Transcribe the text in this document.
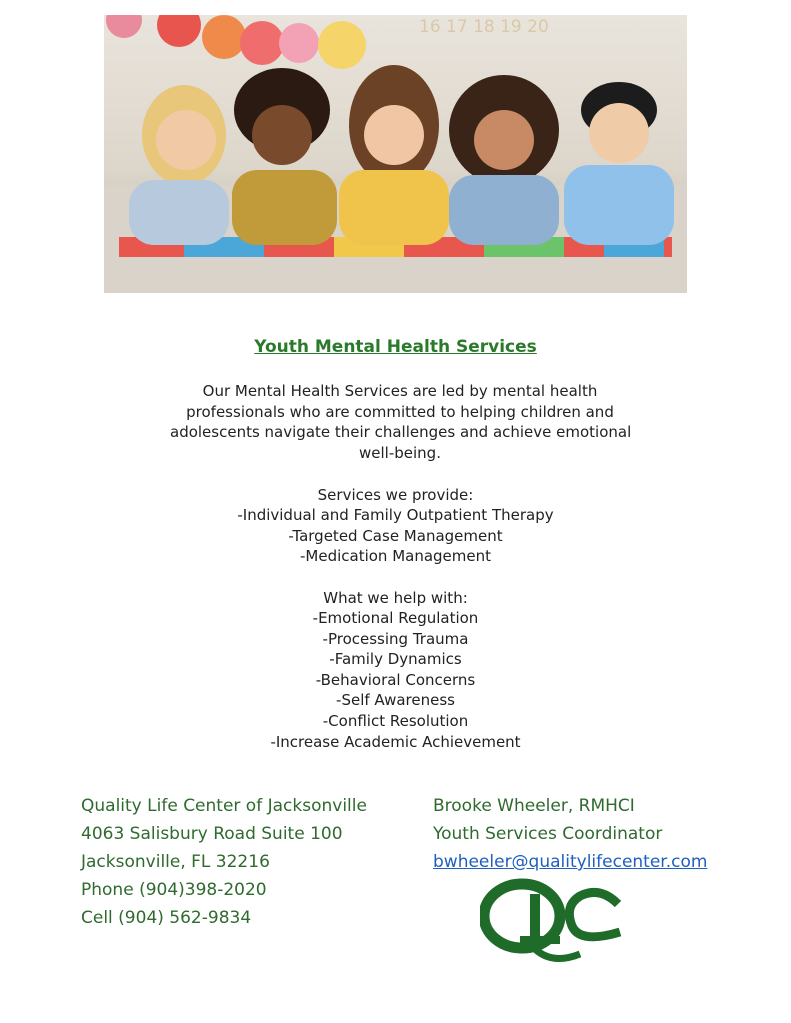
16 17 18 19 20
Youth Mental Health Services
Our Mental Health Services are led by mental health
professionals who are committed to helping children and
adolescents navigate their challenges and achieve emotional
well-being.
Services we provide:
-Individual and Family Outpatient Therapy
-Targeted Case Management
-Medication Management
What we help with:
-Emotional Regulation
-Processing Trauma
-Family Dynamics
-Behavioral Concerns
-Self Awareness
-Conflict Resolution
-Increase Academic Achievement
Quality Life Center of Jacksonville
4063 Salisbury Road Suite 100
Jacksonville, FL 32216
Phone (904)398-2020
Cell (904) 562-9834
Brooke Wheeler, RMHCI
Youth Services Coordinator
bwheeler@qualitylifecenter.com
